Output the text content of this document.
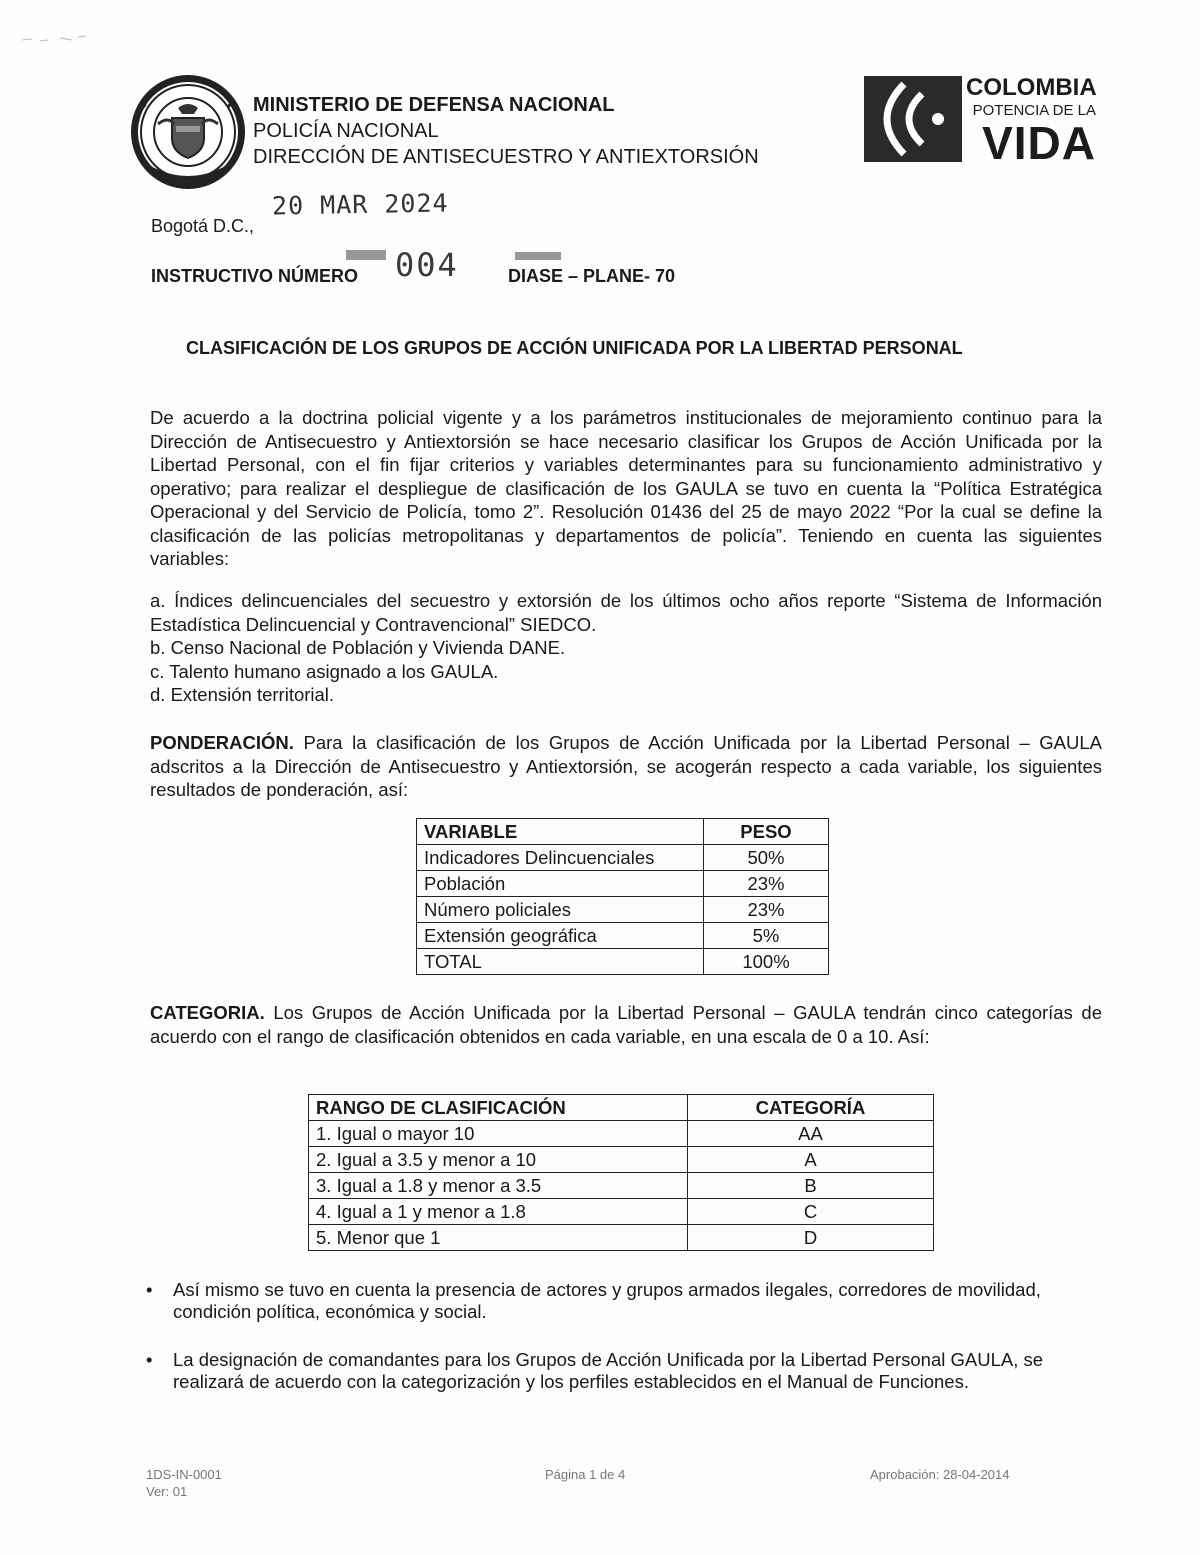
MINISTERIO DE DEFENSA NACIONAL
POLICÍA NACIONAL
DIRECCIÓN DE ANTISECUESTRO Y ANTIEXTORSIÓN
COLOMBIA
POTENCIA DE LA
VIDA
Bogotá D.C.,
20 MAR 2024
INSTRUCTIVO NÚMERO 004	DIASE – PLANE- 70
CLASIFICACIÓN DE LOS GRUPOS DE ACCIÓN UNIFICADA POR LA LIBERTAD PERSONAL
De acuerdo a la doctrina policial vigente y a los parámetros institucionales de mejoramiento continuo para la Dirección de Antisecuestro y Antiextorsión se hace necesario clasificar los Grupos de Acción Unificada por la Libertad Personal, con el fin fijar criterios y variables determinantes para su funcionamiento administrativo y operativo; para realizar el despliegue de clasificación de los GAULA se tuvo en cuenta la “Política Estratégica Operacional y del Servicio de Policía, tomo 2”. Resolución 01436 del 25 de mayo 2022 “Por la cual se define la clasificación de las policías metropolitanas y departamentos de policía”. Teniendo en cuenta las siguientes variables:
a. Índices delincuenciales del secuestro y extorsión de los últimos ocho años reporte “Sistema de Información Estadística Delincuencial y Contravencional” SIEDCO.
b. Censo Nacional de Población y Vivienda DANE.
c. Talento humano asignado a los GAULA.
d. Extensión territorial.
PONDERACIÓN. Para la clasificación de los Grupos de Acción Unificada por la Libertad Personal – GAULA adscritos a la Dirección de Antisecuestro y Antiextorsión, se acogerán respecto a cada variable, los siguientes resultados de ponderación, así:
VARIABLE	PESO
Indicadores Delincuenciales	50%
Población	23%
Número policiales	23%
Extensión geográfica	5%
TOTAL	100%
CATEGORIA. Los Grupos de Acción Unificada por la Libertad Personal – GAULA tendrán cinco categorías de acuerdo con el rango de clasificación obtenidos en cada variable, en una escala de 0 a 10. Así:
RANGO DE CLASIFICACIÓN	CATEGORÍA
1. Igual o mayor 10	AA
2. Igual a 3.5 y menor a 10	A
3. Igual a 1.8 y menor a 3.5	B
4. Igual a 1 y menor a 1.8	C
5. Menor que 1	D
• Así mismo se tuvo en cuenta la presencia de actores y grupos armados ilegales, corredores de movilidad, condición política, económica y social.
• La designación de comandantes para los Grupos de Acción Unificada por la Libertad Personal GAULA, se realizará de acuerdo con la categorización y los perfiles establecidos en el Manual de Funciones.
1DS-IN-0001
Ver: 01
Página 1 de 4	Aprobación: 28-04-2014
